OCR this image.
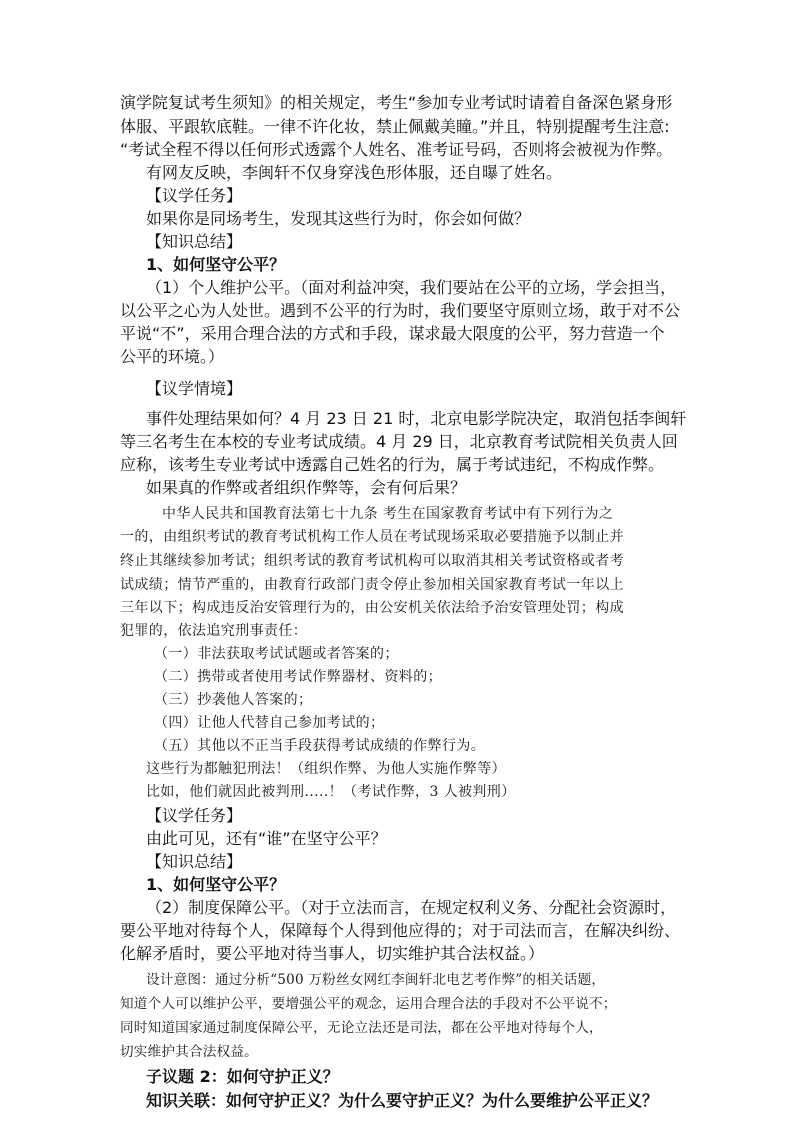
演学院复试考生须知》的相关规定，考生“参加专业考试时请着自备深色紧身形

体服、平跟软底鞋。一律不许化妆，禁止佩戴美瞳。”并且，特别提醒考生注意:

“考试全程不得以任何形式透露个人姓名、准考证号码，否则将会被视为作弊。

有网友反映，李闽轩不仅身穿浅色形体服，还自曝了姓名。

【议学任务】

如果你是同场考生，发现其这些行为时，你会如何做？

【知识总结】

1、如何坚守公平？

（1）个人维护公平。（面对利益冲突，我们要站在公平的立场，学会担当，

以公平之心为人处世。遇到不公平的行为时，我们要坚守原则立场，敢于对不公

平说“不”，采用合理合法的方式和手段，谋求最大限度的公平，努力营造一个

公平的环境。）

【议学情境】

事件处理结果如何？4 月 23 日 21 时，北京电影学院决定，取消包括李闽轩

等三名考生在本校的专业考试成绩。4 月 29 日，北京教育考试院相关负责人回

应称，该考生专业考试中透露自己姓名的行为，属于考试违纪，不构成作弊。

如果真的作弊或者组织作弊等，会有何后果？

中华人民共和国教育法第七十九条 考生在国家教育考试中有下列行为之

一的，由组织考试的教育考试机构工作人员在考试现场采取必要措施予以制止并

终止其继续参加考试；组织考试的教育考试机构可以取消其相关考试资格或者考

试成绩；情节严重的，由教育行政部门责令停止参加相关国家教育考试一年以上

三年以下；构成违反治安管理行为的，由公安机关依法给予治安管理处罚；构成

犯罪的，依法追究刑事责任：

（一）非法获取考试试题或者答案的；

（二）携带或者使用考试作弊器材、资料的；

（三）抄袭他人答案的；

（四）让他人代替自己参加考试的；

（五）其他以不正当手段获得考试成绩的作弊行为。

这些行为都触犯刑法！（组织作弊、为他人实施作弊等）

比如，他们就因此被判刑.....！（考试作弊，3 人被判刑）

【议学任务】

由此可见，还有“谁”在坚守公平？

【知识总结】

1、如何坚守公平？

（2）制度保障公平。（对于立法而言，在规定权利义务、分配社会资源时，

要公平地对待每个人，保障每个人得到他应得的；对于司法而言，在解决纠纷、

化解矛盾时，要公平地对待当事人，切实维护其合法权益。）

设计意图：通过分析“500 万粉丝女网红李闽轩北电艺考作弊”的相关话题，

知道个人可以维护公平，要增强公平的观念，运用合理合法的手段对不公平说不；

同时知道国家通过制度保障公平，无论立法还是司法，都在公平地对待每个人，

切实维护其合法权益。

子议题 2：如何守护正义？

知识关联：如何守护正义？为什么要守护正义？为什么要维护公平正义？
